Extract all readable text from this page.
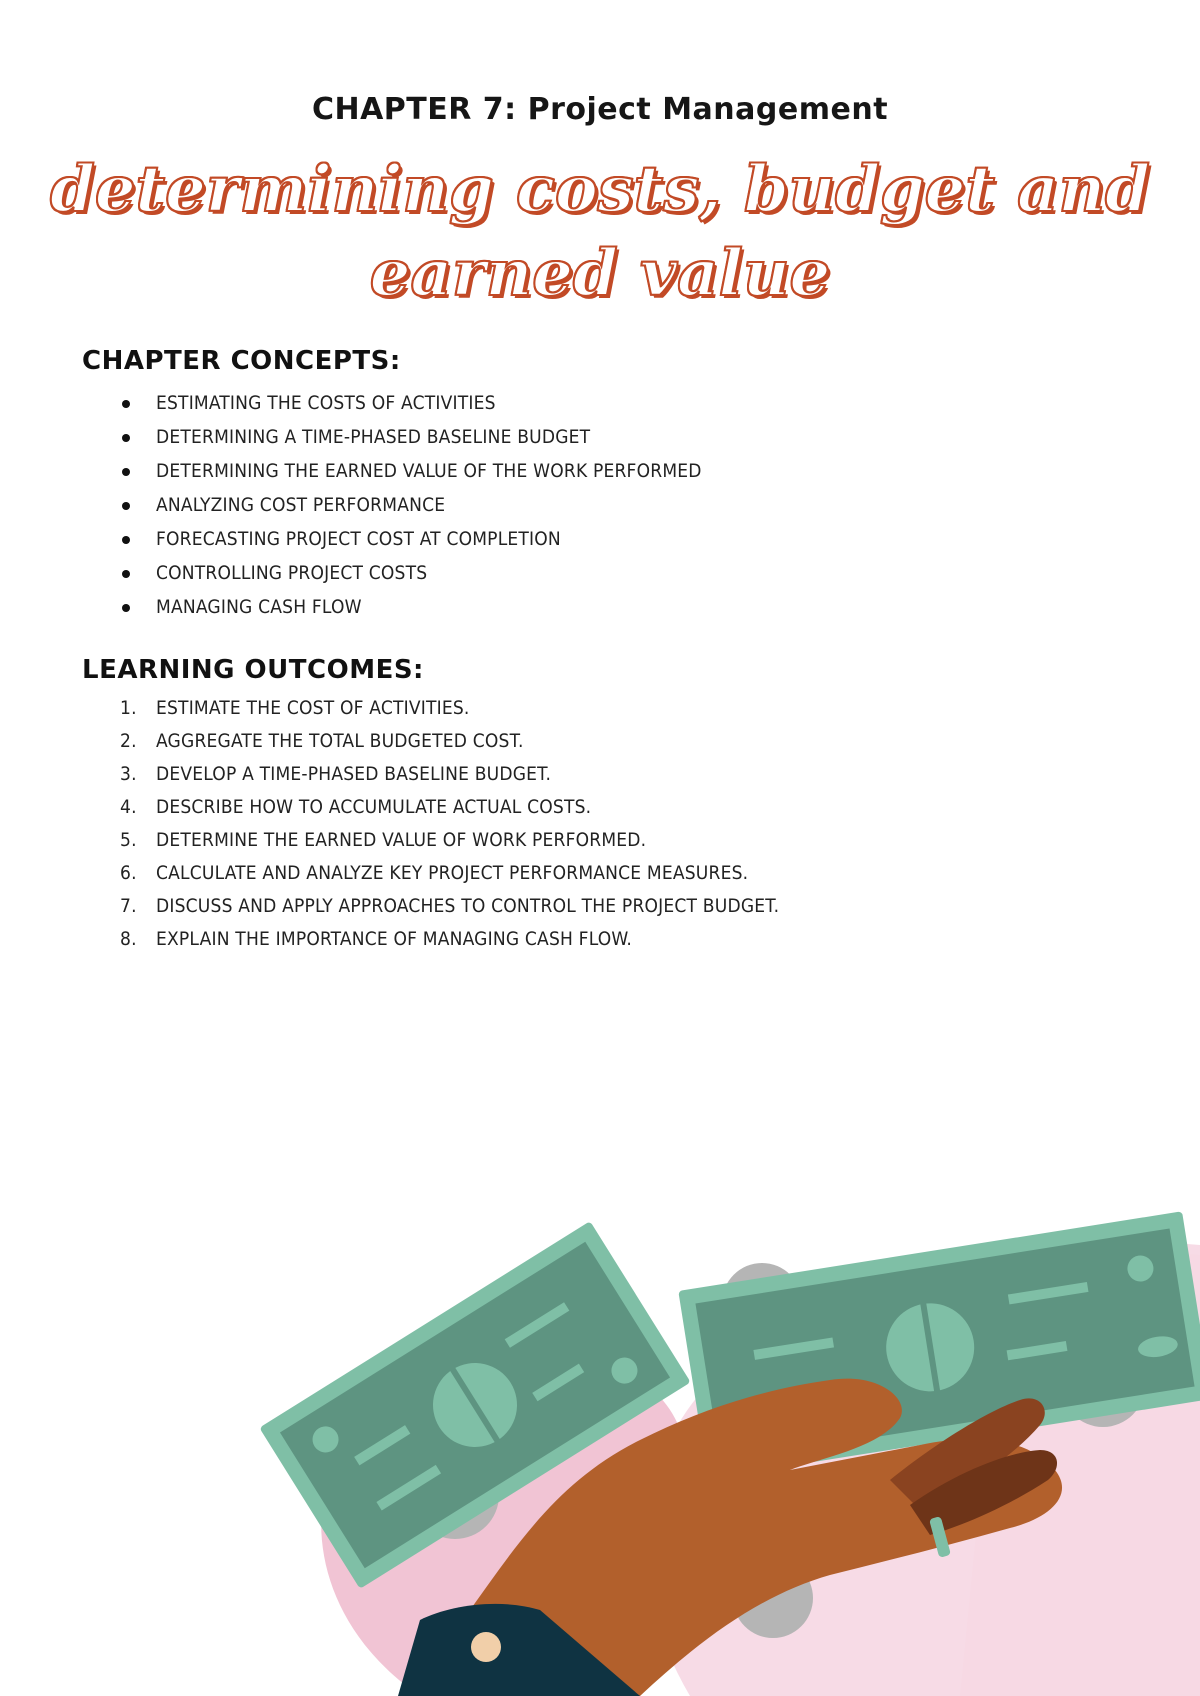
CHAPTER 7: Project Management
determining costs, budget and
earned value
CHAPTER CONCEPTS:
ESTIMATING THE COSTS OF ACTIVITIES
DETERMINING A TIME-PHASED BASELINE BUDGET
DETERMINING THE EARNED VALUE OF THE WORK PERFORMED
ANALYZING COST PERFORMANCE
FORECASTING PROJECT COST AT COMPLETION
CONTROLLING PROJECT COSTS
MANAGING CASH FLOW
LEARNING OUTCOMES:
1.	ESTIMATE THE COST OF ACTIVITIES.
2.	AGGREGATE THE TOTAL BUDGETED COST.
3.	DEVELOP A TIME-PHASED BASELINE BUDGET.
4.	DESCRIBE HOW TO ACCUMULATE ACTUAL COSTS.
5.	DETERMINE THE EARNED VALUE OF WORK PERFORMED.
6.	CALCULATE AND ANALYZE KEY PROJECT PERFORMANCE MEASURES.
7.	DISCUSS AND APPLY APPROACHES TO CONTROL THE PROJECT BUDGET.
8.	EXPLAIN THE IMPORTANCE OF MANAGING CASH FLOW.
